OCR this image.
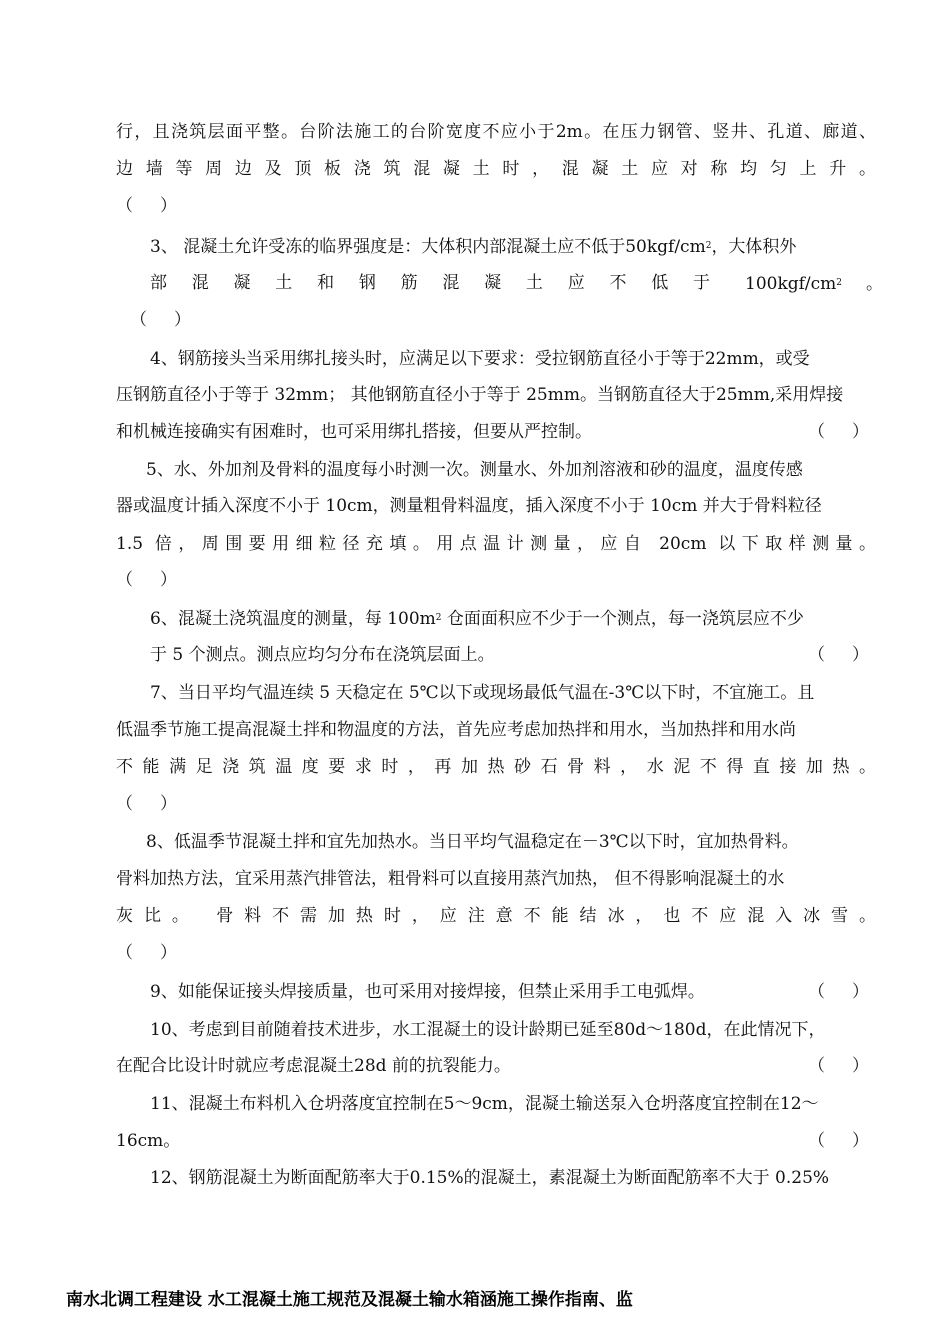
行，且浇筑层面平整。台阶法施工的台阶宽度不应小于2m。在压力钢管、竖井、孔道、廊道、
边墙等周边及顶板浇筑混凝土时，混凝土应对称均匀上升。
（     ）
3、 混凝土允许受冻的临界强度是：大体积内部混凝土应不低于$50kgf/cm^2$，大体积外
部混凝土和钢筋混凝土应不低于 $100kgf/cm^2$ 。
（     ）
4、钢筋接头当采用绑扎接头时，应满足以下要求：受拉钢筋直径小于等于22mm，或受
压钢筋直径小于等于 32mm； 其他钢筋直径小于等于 25mm。当钢筋直径大于25mm,采用焊接
和机械连接确实有困难时，也可采用绑扎搭接，但要从严控制。	（     ）
5、水、外加剂及骨料的温度每小时测一次。测量水、外加剂溶液和砂的温度，温度传感
器或温度计插入深度不小于 10cm，测量粗骨料温度，插入深度不小于 10cm 并大于骨料粒径
1.5 倍，周围要用细粒径充填。用点温计测量，应自 20cm 以下取样测量。
（     ）
6、混凝土浇筑温度的测量，每 $100m^2$ 仓面面积应不少于一个测点，每一浇筑层应不少
于 5 个测点。测点应均匀分布在浇筑层面上。	（     ）
7、当日平均气温连续 5 天稳定在 5℃以下或现场最低气温在-3℃以下时，不宜施工。且
低温季节施工提高混凝土拌和物温度的方法，首先应考虑加热拌和用水，当加热拌和用水尚
不能满足浇筑温度要求时，再加热砂石骨料，水泥不得直接加热。
（     ）
8、低温季节混凝土拌和宜先加热水。当日平均气温稳定在－3℃以下时，宜加热骨料。
骨料加热方法，宜采用蒸汽排管法，粗骨料可以直接用蒸汽加热， 但不得影响混凝土的水
灰比。 骨料不需加热时，应注意不能结冰，也不应混入冰雪。
（     ）
9、如能保证接头焊接质量，也可采用对接焊接，但禁止采用手工电弧焊。	（     ）
10、考虑到目前随着技术进步，水工混凝土的设计龄期已延至80d～180d，在此情况下，
在配合比设计时就应考虑混凝土28d 前的抗裂能力。	（     ）
11、混凝土布料机入仓坍落度宜控制在5～9cm，混凝土输送泵入仓坍落度宜控制在12～
16cm。	（     ）
12、钢筋混凝土为断面配筋率大于0.15%的混凝土，素混凝土为断面配筋率不大于 0.25%
南水北调工程建设 水工混凝土施工规范及混凝土输水箱涵施工操作指南、监
